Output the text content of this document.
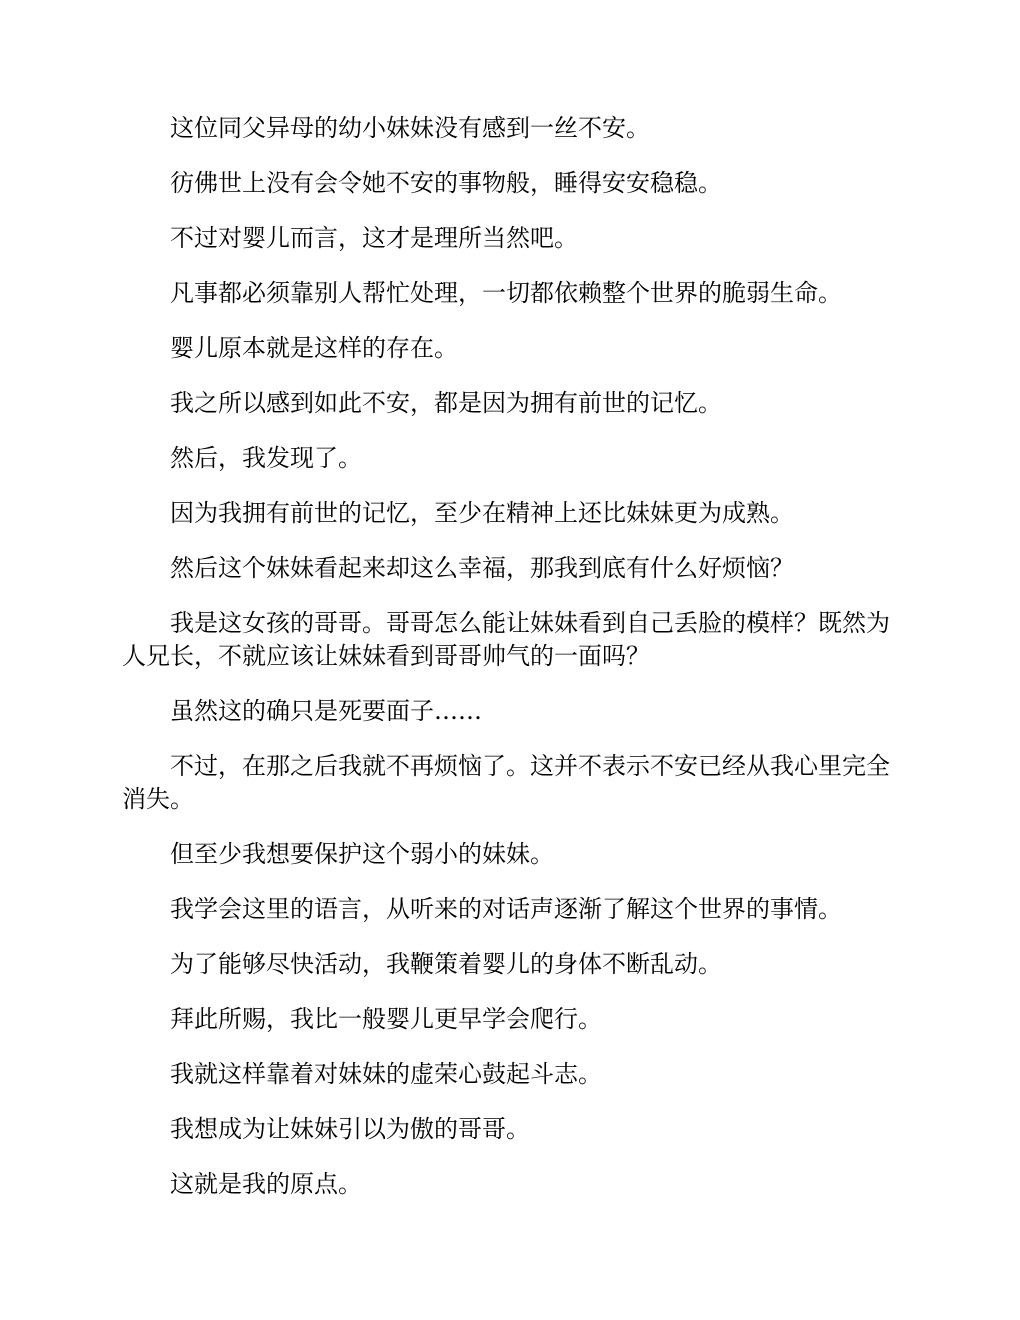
这位同父异母的幼小妹妹没有感到一丝不安。

彷佛世上没有会令她不安的事物般，睡得安安稳稳。

不过对婴儿而言，这才是理所当然吧。

凡事都必须靠别人帮忙处理，一切都依赖整个世界的脆弱生命。

婴儿原本就是这样的存在。

我之所以感到如此不安，都是因为拥有前世的记忆。

然后，我发现了。

因为我拥有前世的记忆，至少在精神上还比妹妹更为成熟。

然后这个妹妹看起来却这么幸福，那我到底有什么好烦恼？

我是这女孩的哥哥。哥哥怎么能让妹妹看到自己丢脸的模样？既然为人兄长，不就应该让妹妹看到哥哥帅气的一面吗？

虽然这的确只是死要面子……

不过，在那之后我就不再烦恼了。这并不表示不安已经从我心里完全消失。

但至少我想要保护这个弱小的妹妹。

我学会这里的语言，从听来的对话声逐渐了解这个世界的事情。

为了能够尽快活动，我鞭策着婴儿的身体不断乱动。

拜此所赐，我比一般婴儿更早学会爬行。

我就这样靠着对妹妹的虚荣心鼓起斗志。

我想成为让妹妹引以为傲的哥哥。

这就是我的原点。
